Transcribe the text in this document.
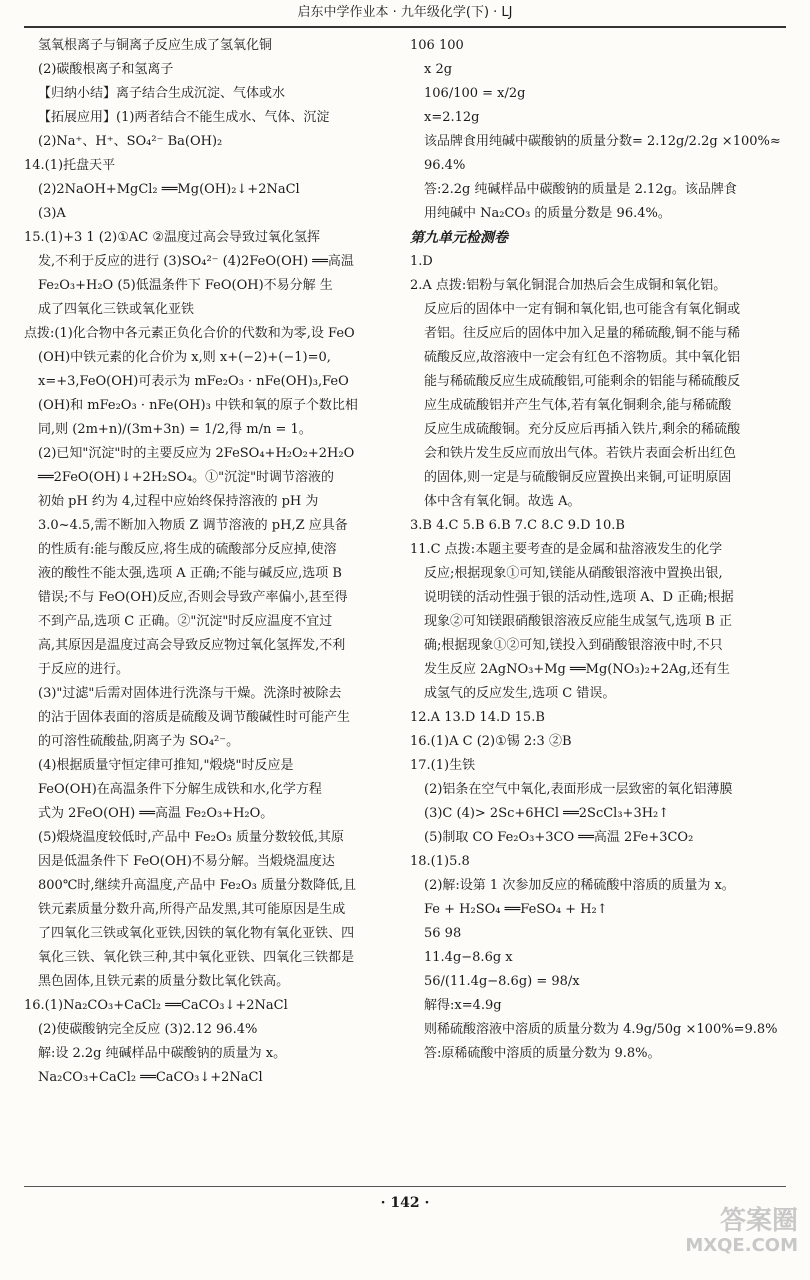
启东中学作业本 · 九年级化学(下) · LJ
氢氧根离子与铜离子反应生成了氢氧化铜
(2)碳酸根离子和氢离子
【归纳小结】离子结合生成沉淀、气体或水
【拓展应用】(1)两者结合不能生成水、气体、沉淀
(2)Na⁺、H⁺、SO₄²⁻ Ba(OH)₂
14.(1)托盘天平
(2)2NaOH+MgCl₂ ══Mg(OH)₂↓+2NaCl
(3)A
15.(1)+3 1 (2)①AC ②温度过高会导致过氧化氢挥
发,不利于反应的进行 (3)SO₄²⁻ (4)2FeO(OH) ══高温
Fe₂O₃+H₂O (5)低温条件下 FeO(OH)不易分解 生
成了四氧化三铁或氧化亚铁
点拨:(1)化合物中各元素正负化合价的代数和为零,设 FeO
(OH)中铁元素的化合价为 x,则 x+(−2)+(−1)=0,
x=+3,FeO(OH)可表示为 mFe₂O₃ · nFe(OH)₃,FeO
(OH)和 mFe₂O₃ · nFe(OH)₃ 中铁和氧的原子个数比相
同,则 (2m+n)/(3m+3n) = 1/2,得 m/n = 1。
(2)已知"沉淀"时的主要反应为 2FeSO₄+H₂O₂+2H₂O
══2FeO(OH)↓+2H₂SO₄。①"沉淀"时调节溶液的
初始 pH 约为 4,过程中应始终保持溶液的 pH 为
3.0~4.5,需不断加入物质 Z 调节溶液的 pH,Z 应具备
的性质有:能与酸反应,将生成的硫酸部分反应掉,使溶
液的酸性不能太强,选项 A 正确;不能与碱反应,选项 B
错误;不与 FeO(OH)反应,否则会导致产率偏小,甚至得
不到产品,选项 C 正确。②"沉淀"时反应温度不宜过
高,其原因是温度过高会导致反应物过氧化氢挥发,不利
于反应的进行。
(3)"过滤"后需对固体进行洗涤与干燥。洗涤时被除去
的沾于固体表面的溶质是硫酸及调节酸碱性时可能产生
的可溶性硫酸盐,阴离子为 SO₄²⁻。
(4)根据质量守恒定律可推知,"煅烧"时反应是
FeO(OH)在高温条件下分解生成铁和水,化学方程
式为 2FeO(OH) ══高温 Fe₂O₃+H₂O。
(5)煅烧温度较低时,产品中 Fe₂O₃ 质量分数较低,其原
因是低温条件下 FeO(OH)不易分解。当煅烧温度达
800℃时,继续升高温度,产品中 Fe₂O₃ 质量分数降低,且
铁元素质量分数升高,所得产品发黑,其可能原因是生成
了四氧化三铁或氧化亚铁,因铁的氧化物有氧化亚铁、四
氧化三铁、氧化铁三种,其中氧化亚铁、四氧化三铁都是
黑色固体,且铁元素的质量分数比氧化铁高。
16.(1)Na₂CO₃+CaCl₂ ══CaCO₃↓+2NaCl
(2)使碳酸钠完全反应 (3)2.12 96.4%
解:设 2.2g 纯碱样品中碳酸钠的质量为 x。
Na₂CO₃+CaCl₂ ══CaCO₃↓+2NaCl
106 100
x 2g
106/100 = x/2g
x=2.12g
该品牌食用纯碱中碳酸钠的质量分数= 2.12g/2.2g ×100%≈
96.4%
答:2.2g 纯碱样品中碳酸钠的质量是 2.12g。该品牌食
用纯碱中 Na₂CO₃ 的质量分数是 96.4%。
第九单元检测卷
1.D
2.A 点拨:铝粉与氧化铜混合加热后会生成铜和氧化铝。
反应后的固体中一定有铜和氧化铝,也可能含有氧化铜或
者铝。往反应后的固体中加入足量的稀硫酸,铜不能与稀
硫酸反应,故溶液中一定会有红色不溶物质。其中氧化铝
能与稀硫酸反应生成硫酸铝,可能剩余的铝能与稀硫酸反
应生成硫酸铝并产生气体,若有氧化铜剩余,能与稀硫酸
反应生成硫酸铜。充分反应后再插入铁片,剩余的稀硫酸
会和铁片发生反应而放出气体。若铁片表面会析出红色
的固体,则一定是与硫酸铜反应置换出来铜,可证明原固
体中含有氧化铜。故选 A。
3.B 4.C 5.B 6.B 7.C 8.C 9.D 10.B
11.C 点拨:本题主要考查的是金属和盐溶液发生的化学
反应;根据现象①可知,镁能从硝酸银溶液中置换出银,
说明镁的活动性强于银的活动性,选项 A、D 正确;根据
现象②可知镁跟硝酸银溶液反应能生成氢气,选项 B 正
确;根据现象①②可知,镁投入到硝酸银溶液中时,不只
发生反应 2AgNO₃+Mg ══Mg(NO₃)₂+2Ag,还有生
成氢气的反应发生,选项 C 错误。
12.A 13.D 14.D 15.B
16.(1)A C (2)①锡 2:3 ②B
17.(1)生铁
(2)铝条在空气中氧化,表面形成一层致密的氧化铝薄膜
(3)C (4)> 2Sc+6HCl ══2ScCl₃+3H₂↑
(5)制取 CO Fe₂O₃+3CO ══高温 2Fe+3CO₂
18.(1)5.8
(2)解:设第 1 次参加反应的稀硫酸中溶质的质量为 x。
Fe + H₂SO₄ ══FeSO₄ + H₂↑
56 98
11.4g−8.6g x
56/(11.4g−8.6g) = 98/x
解得:x=4.9g
则稀硫酸溶液中溶质的质量分数为 4.9g/50g ×100%=9.8%
答:原稀硫酸中溶质的质量分数为 9.8%。
· 142 ·
答案圈
MXQE.COM
